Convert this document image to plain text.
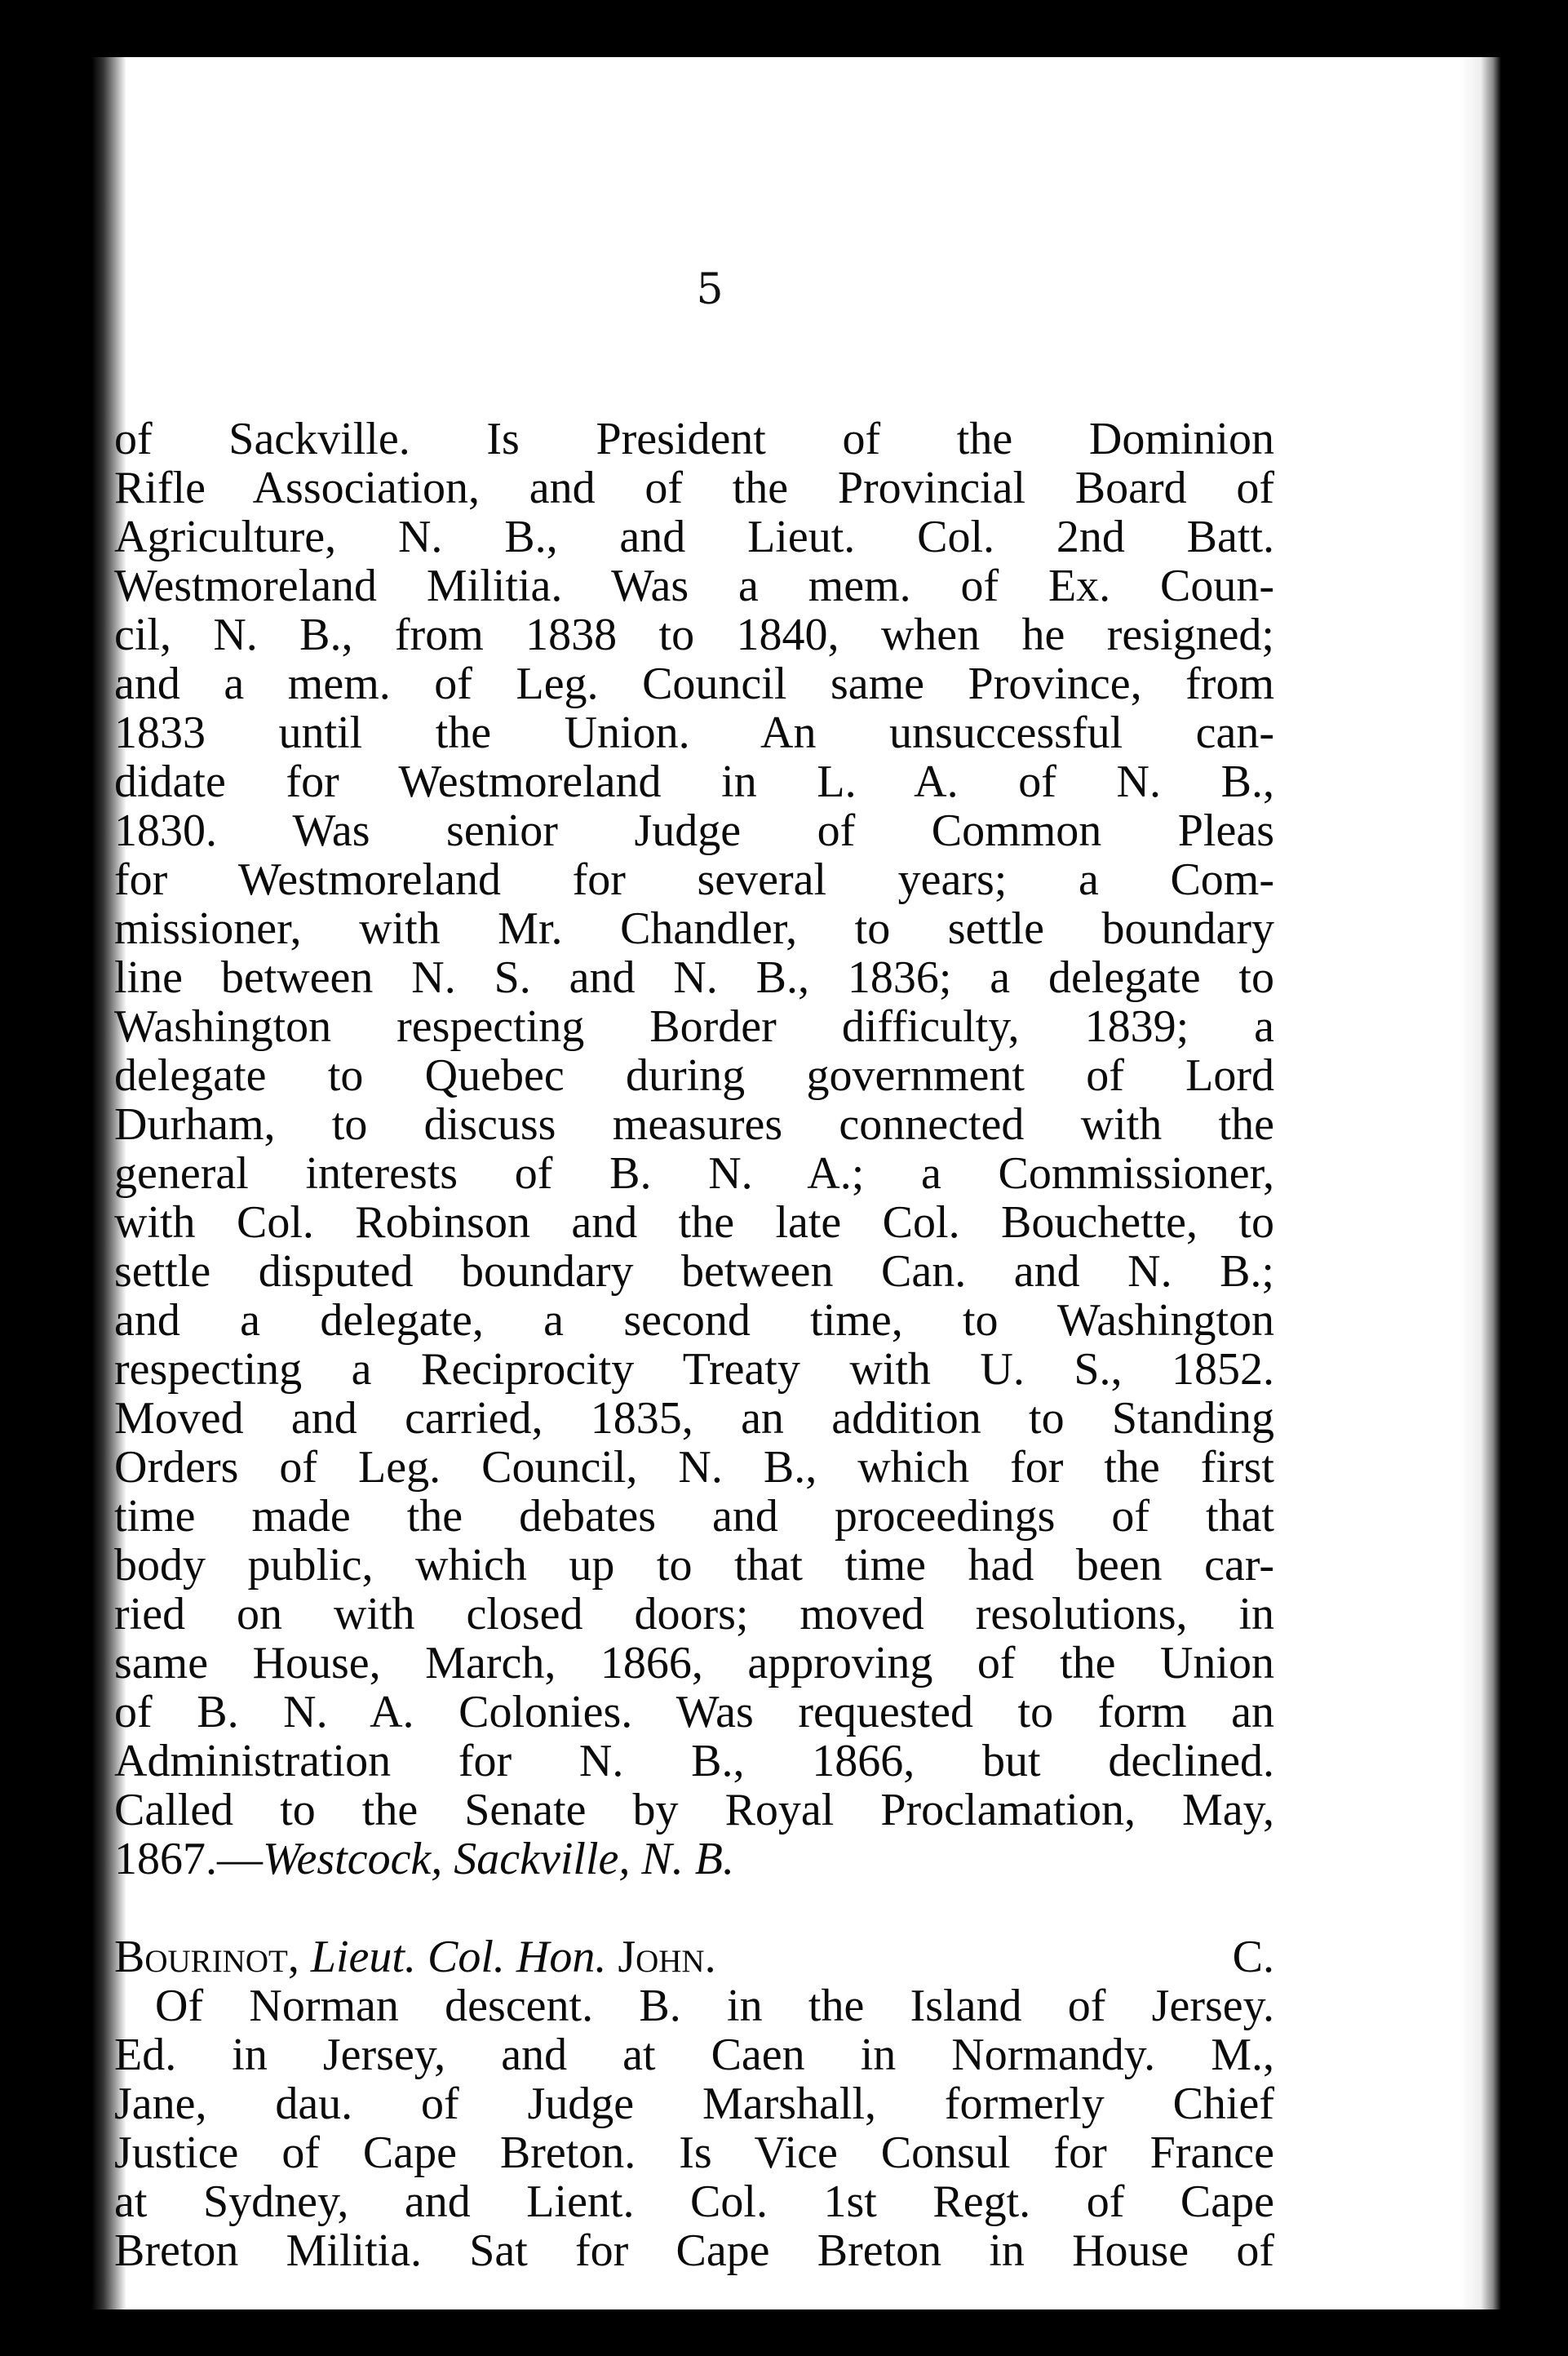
5
of Sackville. Is President of the Dominion
Rifle Association, and of the Provincial Board of
Agriculture, N. B., and Lieut. Col. 2nd Batt.
Westmoreland Militia. Was a mem. of Ex. Coun-
cil, N. B., from 1838 to 1840, when he resigned;
and a mem. of Leg. Council same Province, from
1833 until the Union. An unsuccessful can-
didate for Westmoreland in L. A. of N. B.,
1830. Was senior Judge of Common Pleas
for Westmoreland for several years; a Com-
missioner, with Mr. Chandler, to settle boundary
line between N. S. and N. B., 1836; a delegate to
Washington respecting Border difficulty, 1839; a
delegate to Quebec during government of Lord
Durham, to discuss measures connected with the
general interests of B. N. A.; a Commissioner,
with Col. Robinson and the late Col. Bouchette, to
settle disputed boundary between Can. and N. B.;
and a delegate, a second time, to Washington
respecting a Reciprocity Treaty with U. S., 1852.
Moved and carried, 1835, an addition to Standing
Orders of Leg. Council, N. B., which for the first
time made the debates and proceedings of that
body public, which up to that time had been car-
ried on with closed doors; moved resolutions, in
same House, March, 1866, approving of the Union
of B. N. A. Colonies. Was requested to form an
Administration for N. B., 1866, but declined.
Called to the Senate by Royal Proclamation, May,
1867.—Westcock, Sackville, N. B.
Bourinot, Lieut. Col. Hon. John.	C.
Of Norman descent. B. in the Island of Jersey.
Ed. in Jersey, and at Caen in Normandy. M.,
Jane, dau. of Judge Marshall, formerly Chief
Justice of Cape Breton. Is Vice Consul for France
at Sydney, and Lient. Col. 1st Regt. of Cape
Breton Militia. Sat for Cape Breton in House of
